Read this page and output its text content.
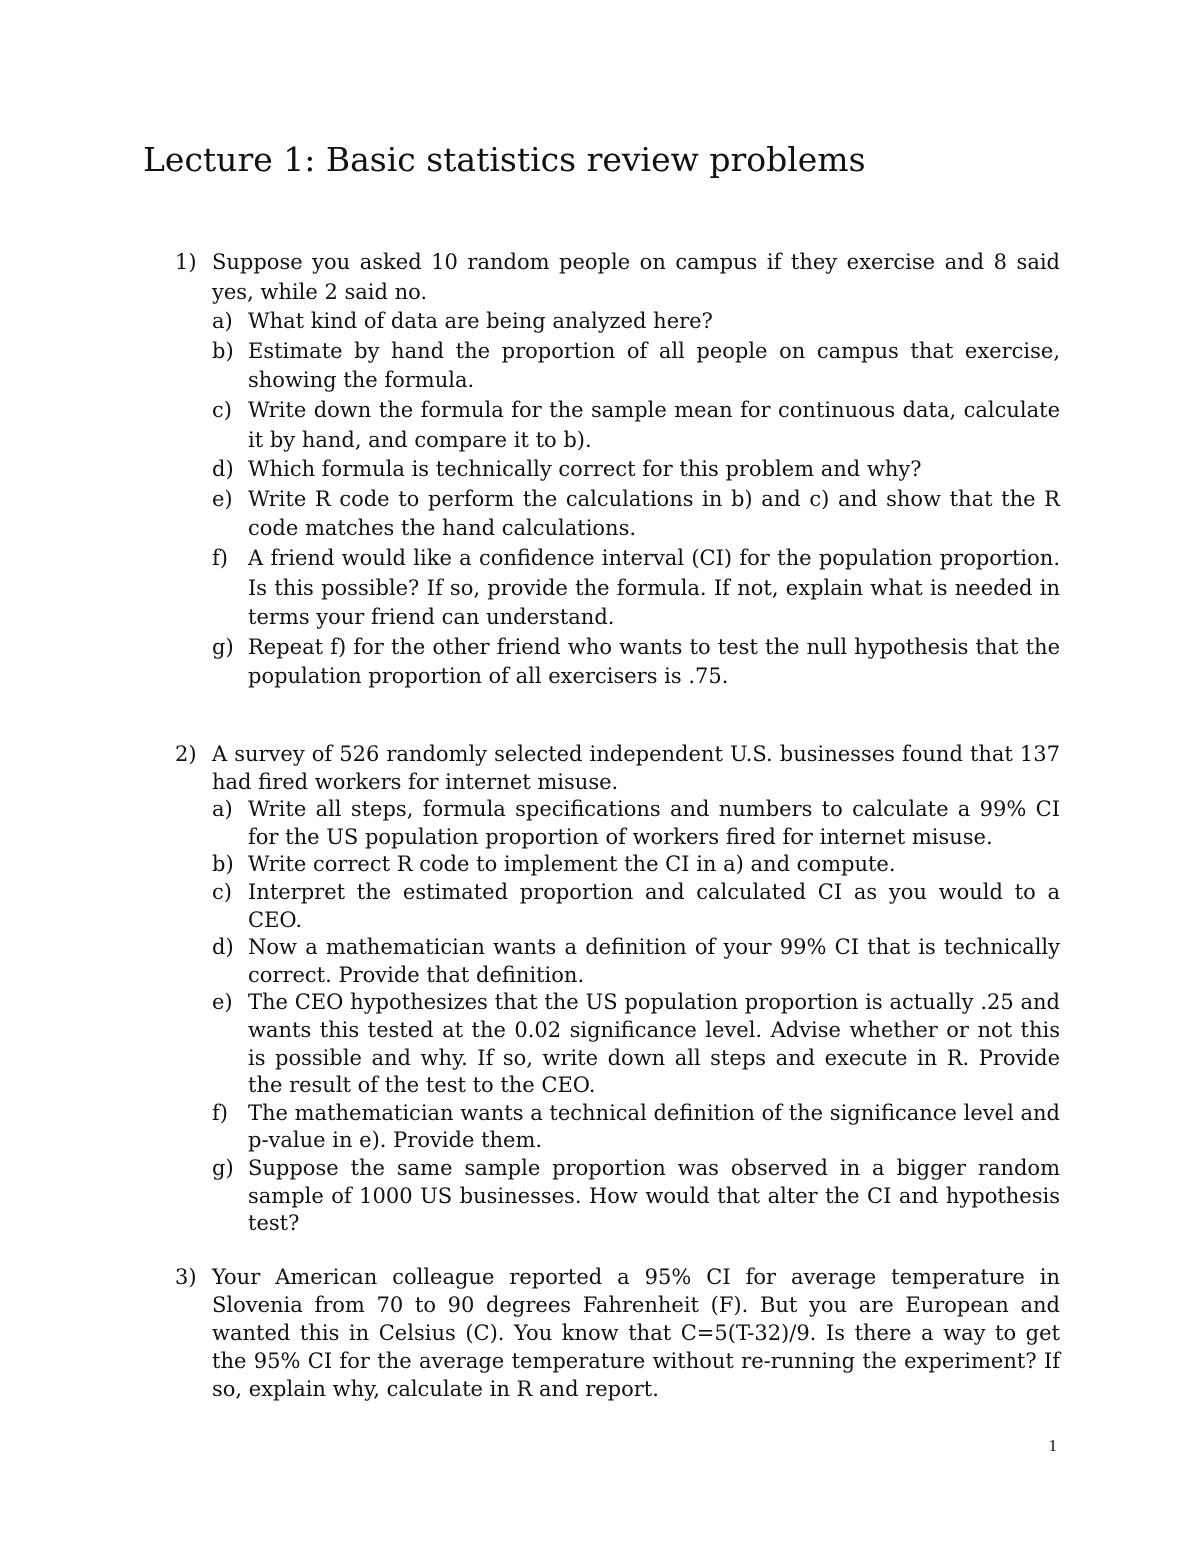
Lecture 1: Basic statistics review problems
1) Suppose you asked 10 random people on campus if they exercise and 8 said yes, while 2 said no.
a) What kind of data are being analyzed here?
b) Estimate by hand the proportion of all people on campus that exercise, showing the formula.
c) Write down the formula for the sample mean for continuous data, calculate it by hand, and compare it to b).
d) Which formula is technically correct for this problem and why?
e) Write R code to perform the calculations in b) and c) and show that the R code matches the hand calculations.
f) A friend would like a confidence interval (CI) for the population proportion. Is this possible? If so, provide the formula. If not, explain what is needed in terms your friend can understand.
g) Repeat f) for the other friend who wants to test the null hypothesis that the population proportion of all exercisers is .75.
2) A survey of 526 randomly selected independent U.S. businesses found that 137 had fired workers for internet misuse.
a) Write all steps, formula specifications and numbers to calculate a 99% CI for the US population proportion of workers fired for internet misuse.
b) Write correct R code to implement the CI in a) and compute.
c) Interpret the estimated proportion and calculated CI as you would to a CEO.
d) Now a mathematician wants a definition of your 99% CI that is technically correct. Provide that definition.
e) The CEO hypothesizes that the US population proportion is actually .25 and wants this tested at the 0.02 significance level. Advise whether or not this is possible and why. If so, write down all steps and execute in R. Provide the result of the test to the CEO.
f) The mathematician wants a technical definition of the significance level and p-value in e). Provide them.
g) Suppose the same sample proportion was observed in a bigger random sample of 1000 US businesses. How would that alter the CI and hypothesis test?
3) Your American colleague reported a 95% CI for average temperature in Slovenia from 70 to 90 degrees Fahrenheit (F). But you are European and wanted this in Celsius (C). You know that C=5(T-32)/9. Is there a way to get the 95% CI for the average temperature without re-running the experiment? If so, explain why, calculate in R and report.
1
